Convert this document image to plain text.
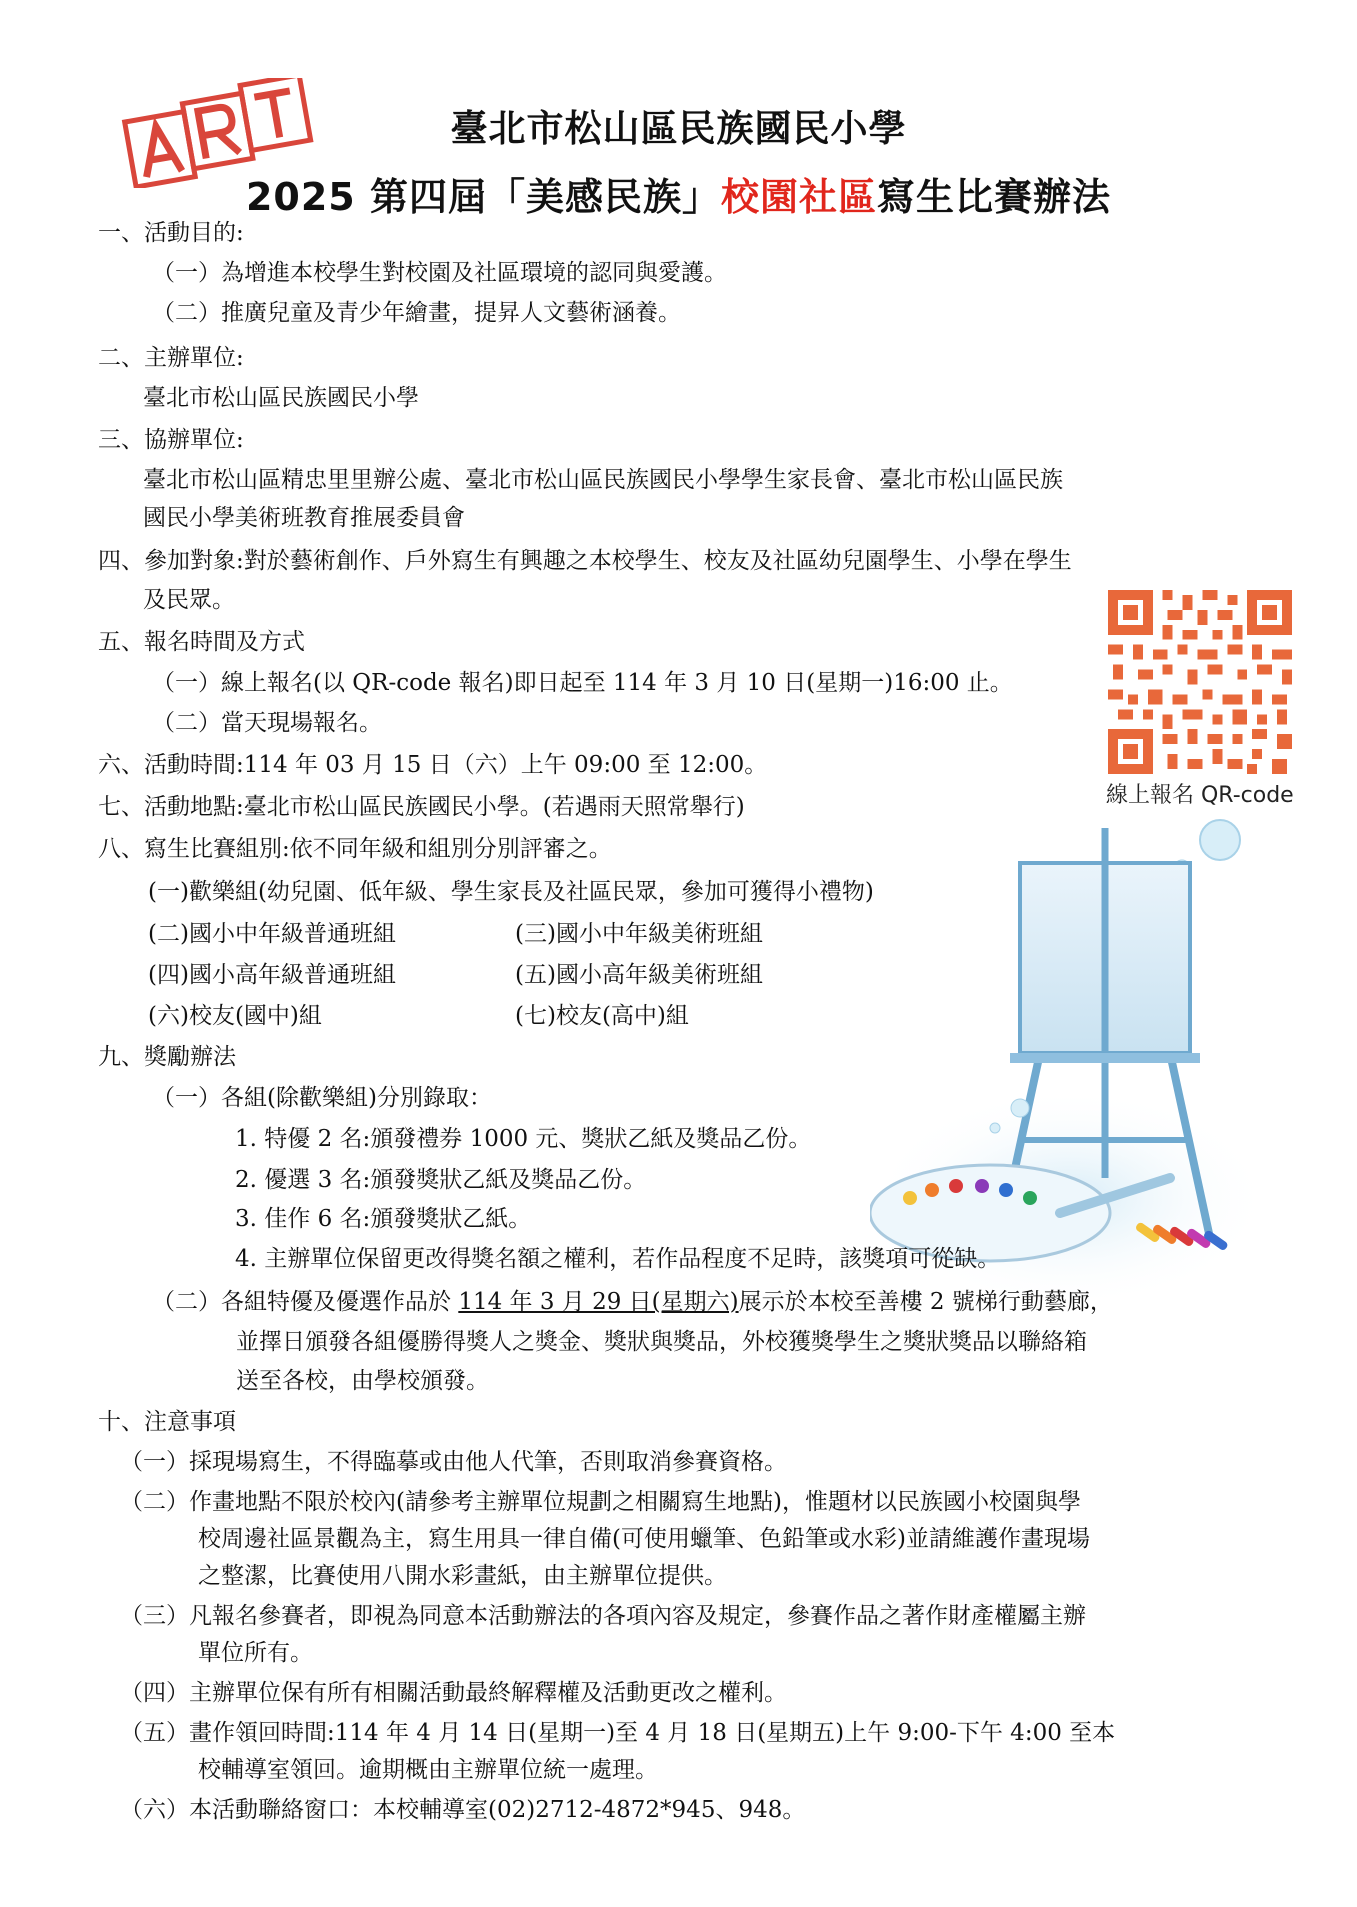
臺北市松山區民族國民小學
2025 第四屆「美感民族」校園社區寫生比賽辦法
一、活動目的:
（一）為增進本校學生對校園及社區環境的認同與愛護。
（二）推廣兒童及青少年繪畫，提昇人文藝術涵養。
二、主辦單位:
臺北市松山區民族國民小學
三、協辦單位:
臺北市松山區精忠里里辦公處、臺北市松山區民族國民小學學生家長會、臺北市松山區民族
國民小學美術班教育推展委員會
四、參加對象:對於藝術創作、戶外寫生有興趣之本校學生、校友及社區幼兒園學生、小學在學生
及民眾。
五、報名時間及方式
（一）線上報名(以 QR-code 報名)即日起至 114 年 3 月 10 日(星期一)16:00 止。
（二）當天現場報名。
六、活動時間:114 年 03 月 15 日（六）上午 09:00 至 12:00。
七、活動地點:臺北市松山區民族國民小學。(若遇雨天照常舉行)
八、寫生比賽組別:依不同年級和組別分別評審之。
(一)歡樂組(幼兒園、低年級、學生家長及社區民眾，參加可獲得小禮物)
(二)國小中年級普通班組	(三)國小中年級美術班組
(四)國小高年級普通班組	(五)國小高年級美術班組
(六)校友(國中)組	(七)校友(高中)組
線上報名 QR-code
九、獎勵辦法
（一）各組(除歡樂組)分別錄取：
1. 特優 2 名:頒發禮券 1000 元、獎狀乙紙及獎品乙份。
2. 優選 3 名:頒發獎狀乙紙及獎品乙份。
3. 佳作 6 名:頒發獎狀乙紙。
4. 主辦單位保留更改得獎名額之權利，若作品程度不足時，該獎項可從缺。
（二）各組特優及優選作品於 114 年 3 月 29 日(星期六)展示於本校至善樓 2 號梯行動藝廊，
並擇日頒發各組優勝得獎人之獎金、獎狀與獎品，外校獲獎學生之獎狀獎品以聯絡箱
送至各校，由學校頒發。
十、注意事項
（一）採現場寫生，不得臨摹或由他人代筆，否則取消參賽資格。
（二）作畫地點不限於校內(請參考主辦單位規劃之相關寫生地點)，惟題材以民族國小校園與學
校周邊社區景觀為主，寫生用具一律自備(可使用蠟筆、色鉛筆或水彩)並請維護作畫現場
之整潔，比賽使用八開水彩畫紙，由主辦單位提供。
（三）凡報名參賽者，即視為同意本活動辦法的各項內容及規定，參賽作品之著作財產權屬主辦
單位所有。
（四）主辦單位保有所有相關活動最終解釋權及活動更改之權利。
（五）畫作領回時間:114 年 4 月 14 日(星期一)至 4 月 18 日(星期五)上午 9:00-下午 4:00 至本
校輔導室領回。逾期概由主辦單位統一處理。
（六）本活動聯絡窗口：本校輔導室(02)2712-4872*945、948。
